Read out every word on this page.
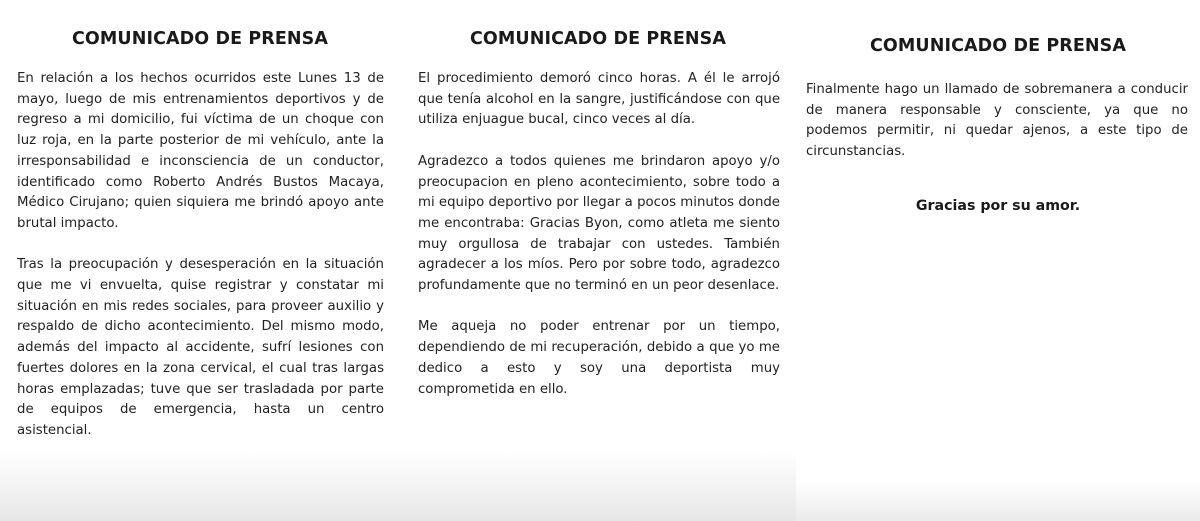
COMUNICADO DE PRENSA

En relación a los hechos ocurridos este Lunes 13 de mayo, luego de mis entrenamientos deportivos y de regreso a mi domicilio, fui víctima de un choque con luz roja, en la parte posterior de mi vehículo, ante la irresponsabilidad e inconsciencia de un conductor, identificado como Roberto Andrés Bustos Macaya, Médico Cirujano; quien siquiera me brindó apoyo ante brutal impacto.

Tras la preocupación y desesperación en la situación que me vi envuelta, quise registrar y constatar mi situación en mis redes sociales, para proveer auxilio y respaldo de dicho acontecimiento. Del mismo modo, además del impacto al accidente, sufrí lesiones con fuertes dolores en la zona cervical, el cual tras largas horas emplazadas; tuve que ser trasladada por parte de equipos de emergencia, hasta un centro asistencial.

COMUNICADO DE PRENSA

El procedimiento demoró cinco horas. A él le arrojó que tenía alcohol en la sangre, justificándose con que utiliza enjuague bucal, cinco veces al día.

Agradezco a todos quienes me brindaron apoyo y/o preocupacion en pleno acontecimiento, sobre todo a mi equipo deportivo por llegar a pocos minutos donde me encontraba: Gracias Byon, como atleta me siento muy orgullosa de trabajar con ustedes. También agradecer a los míos. Pero por sobre todo, agradezco profundamente que no terminó en un peor desenlace.

Me aqueja no poder entrenar por un tiempo, dependiendo de mi recuperación, debido a que yo me dedico a esto y soy una deportista muy comprometida en ello.

COMUNICADO DE PRENSA

Finalmente hago un llamado de sobremanera a conducir de manera responsable y consciente, ya que no podemos permitir, ni quedar ajenos, a este tipo de circunstancias.

Gracias por su amor.
